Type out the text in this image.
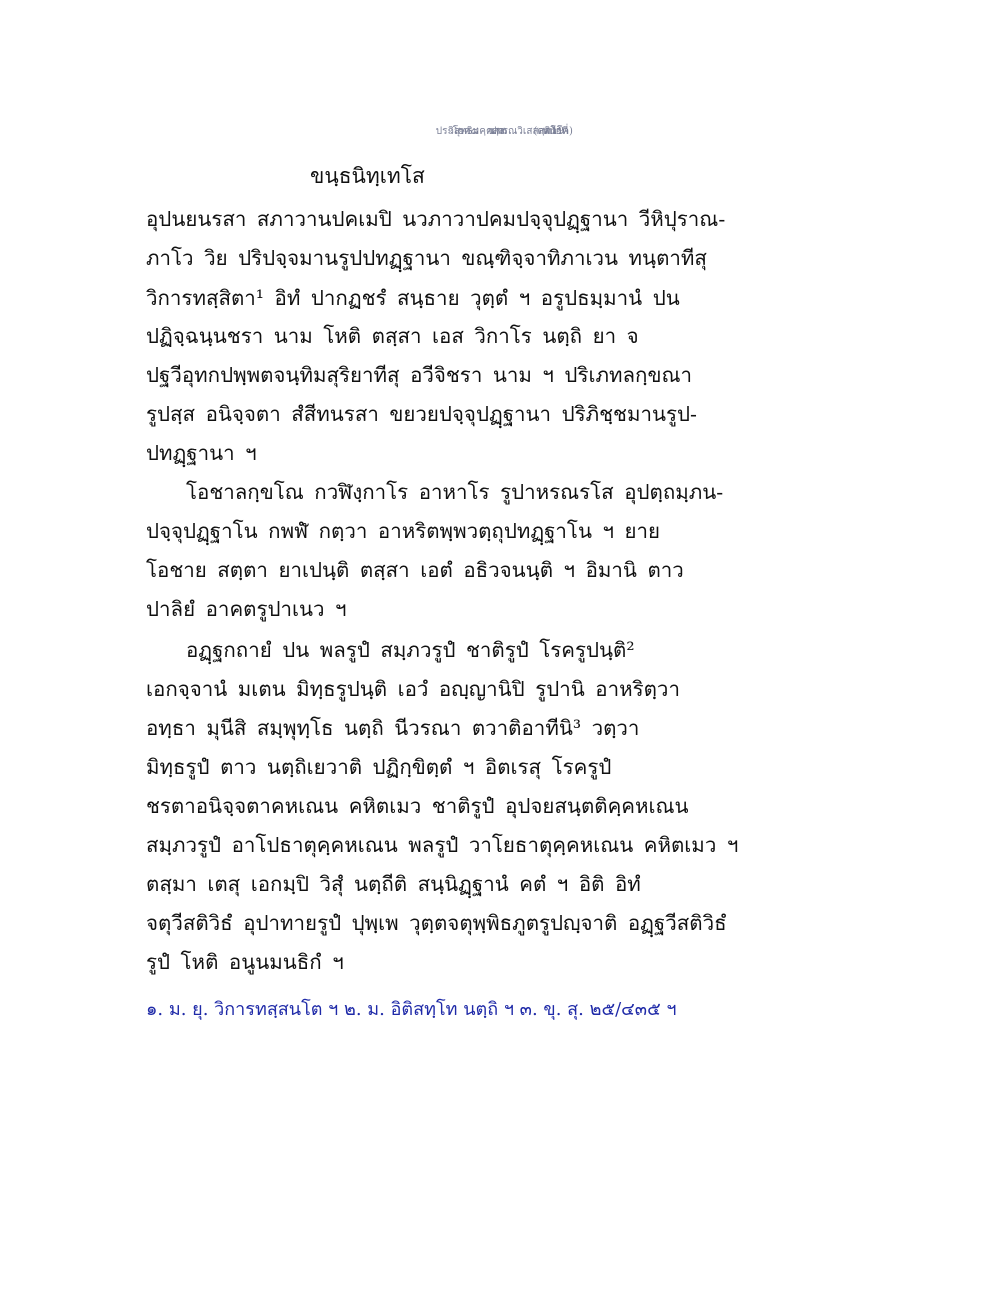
ประโยค๘ - วิสุทธิมคฺคสฺส นาม ปกรณวิเสสสฺว (ตติโย ภาโค) - หน้าที่ 19
ขนฺธนิทฺเทโส
อุปนยนรสา สภาวานปคเมปิ นวภาวาปคมปจฺจุปฏฺฐานา วีหิปุราณ-
ภาโว วิย ปริปจฺจมานรูปปทฏฺฐานา ขณฺฑิจฺจาทิภาเวน ทนฺตาทีสุ
วิการทสฺสิตา¹ อิทํ ปากฏชรํ สนฺธาย วุตฺตํ ฯ อรูปธมฺมานํ ปน
ปฏิจฺฉนฺนชรา นาม โหติ ตสฺสา เอส วิกาโร นตฺถิ ยา จ
ปฐวีอุทกปพฺพตจนฺทิมสุริยาทีสุ อวีจิชรา นาม ฯ ปริเภทลกฺขณา
รูปสฺส อนิจฺจตา สํสีทนรสา ขยวยปจฺจุปฏฺฐานา ปริภิชฺชมานรูป-
ปทฏฺฐานา ฯ
โอชาลกฺขโณ กวฬิงฺกาโร อาหาโร รูปาหรณรโส อุปตฺถมฺภน-
ปจฺจุปฏฺฐาโน กพฬํ กตฺวา อาหริตพฺพวตฺถุปทฏฺฐาโน ฯ ยาย
โอชาย สตฺตา ยาเปนฺติ ตสฺสา เอตํ อธิวจนนฺติ ฯ อิมานิ ตาว
ปาลิยํ อาคตรูปาเนว ฯ
อฏฺฐกถายํ ปน พลรูปํ สมฺภวรูปํ ชาติรูปํ โรครูปนฺติ²
เอกจฺจานํ มเตน มิทฺธรูปนฺติ เอวํ อญฺญานิปิ รูปานิ อาหริตฺวา
อทฺธา มุนีสิ สมฺพุทฺโธ นตฺถิ นีวรณา ตวาติอาทีนิ³ วตฺวา
มิทฺธรูปํ ตาว นตฺถิเยวาติ ปฏิกฺขิตฺตํ ฯ อิตเรสุ โรครูปํ
ชรตาอนิจฺจตาคหเณน คหิตเมว ชาติรูปํ อุปจยสนฺตติคฺคหเณน
สมฺภวรูปํ อาโปธาตุคฺคหเณน พลรูปํ วาโยธาตุคฺคหเณน คหิตเมว ฯ
ตสฺมา เตสุ เอกมฺปิ วิสุํ นตฺถีติ สนฺนิฏฺฐานํ คตํ ฯ อิติ อิทํ
จตุวีสติวิธํ อุปาทายรูปํ ปุพฺเพ วุตฺตจตุพฺพิธภูตรูปญฺจาติ อฏฺฐวีสติวิธํ
รูปํ โหติ อนูนมนธิกํ ฯ
๑. ม. ยุ. วิการทสฺสนโต ฯ ๒. ม. อิติสทฺโท นตฺถิ ฯ ๓. ขุ. สุ. ๒๕/๔๓๕ ฯ
